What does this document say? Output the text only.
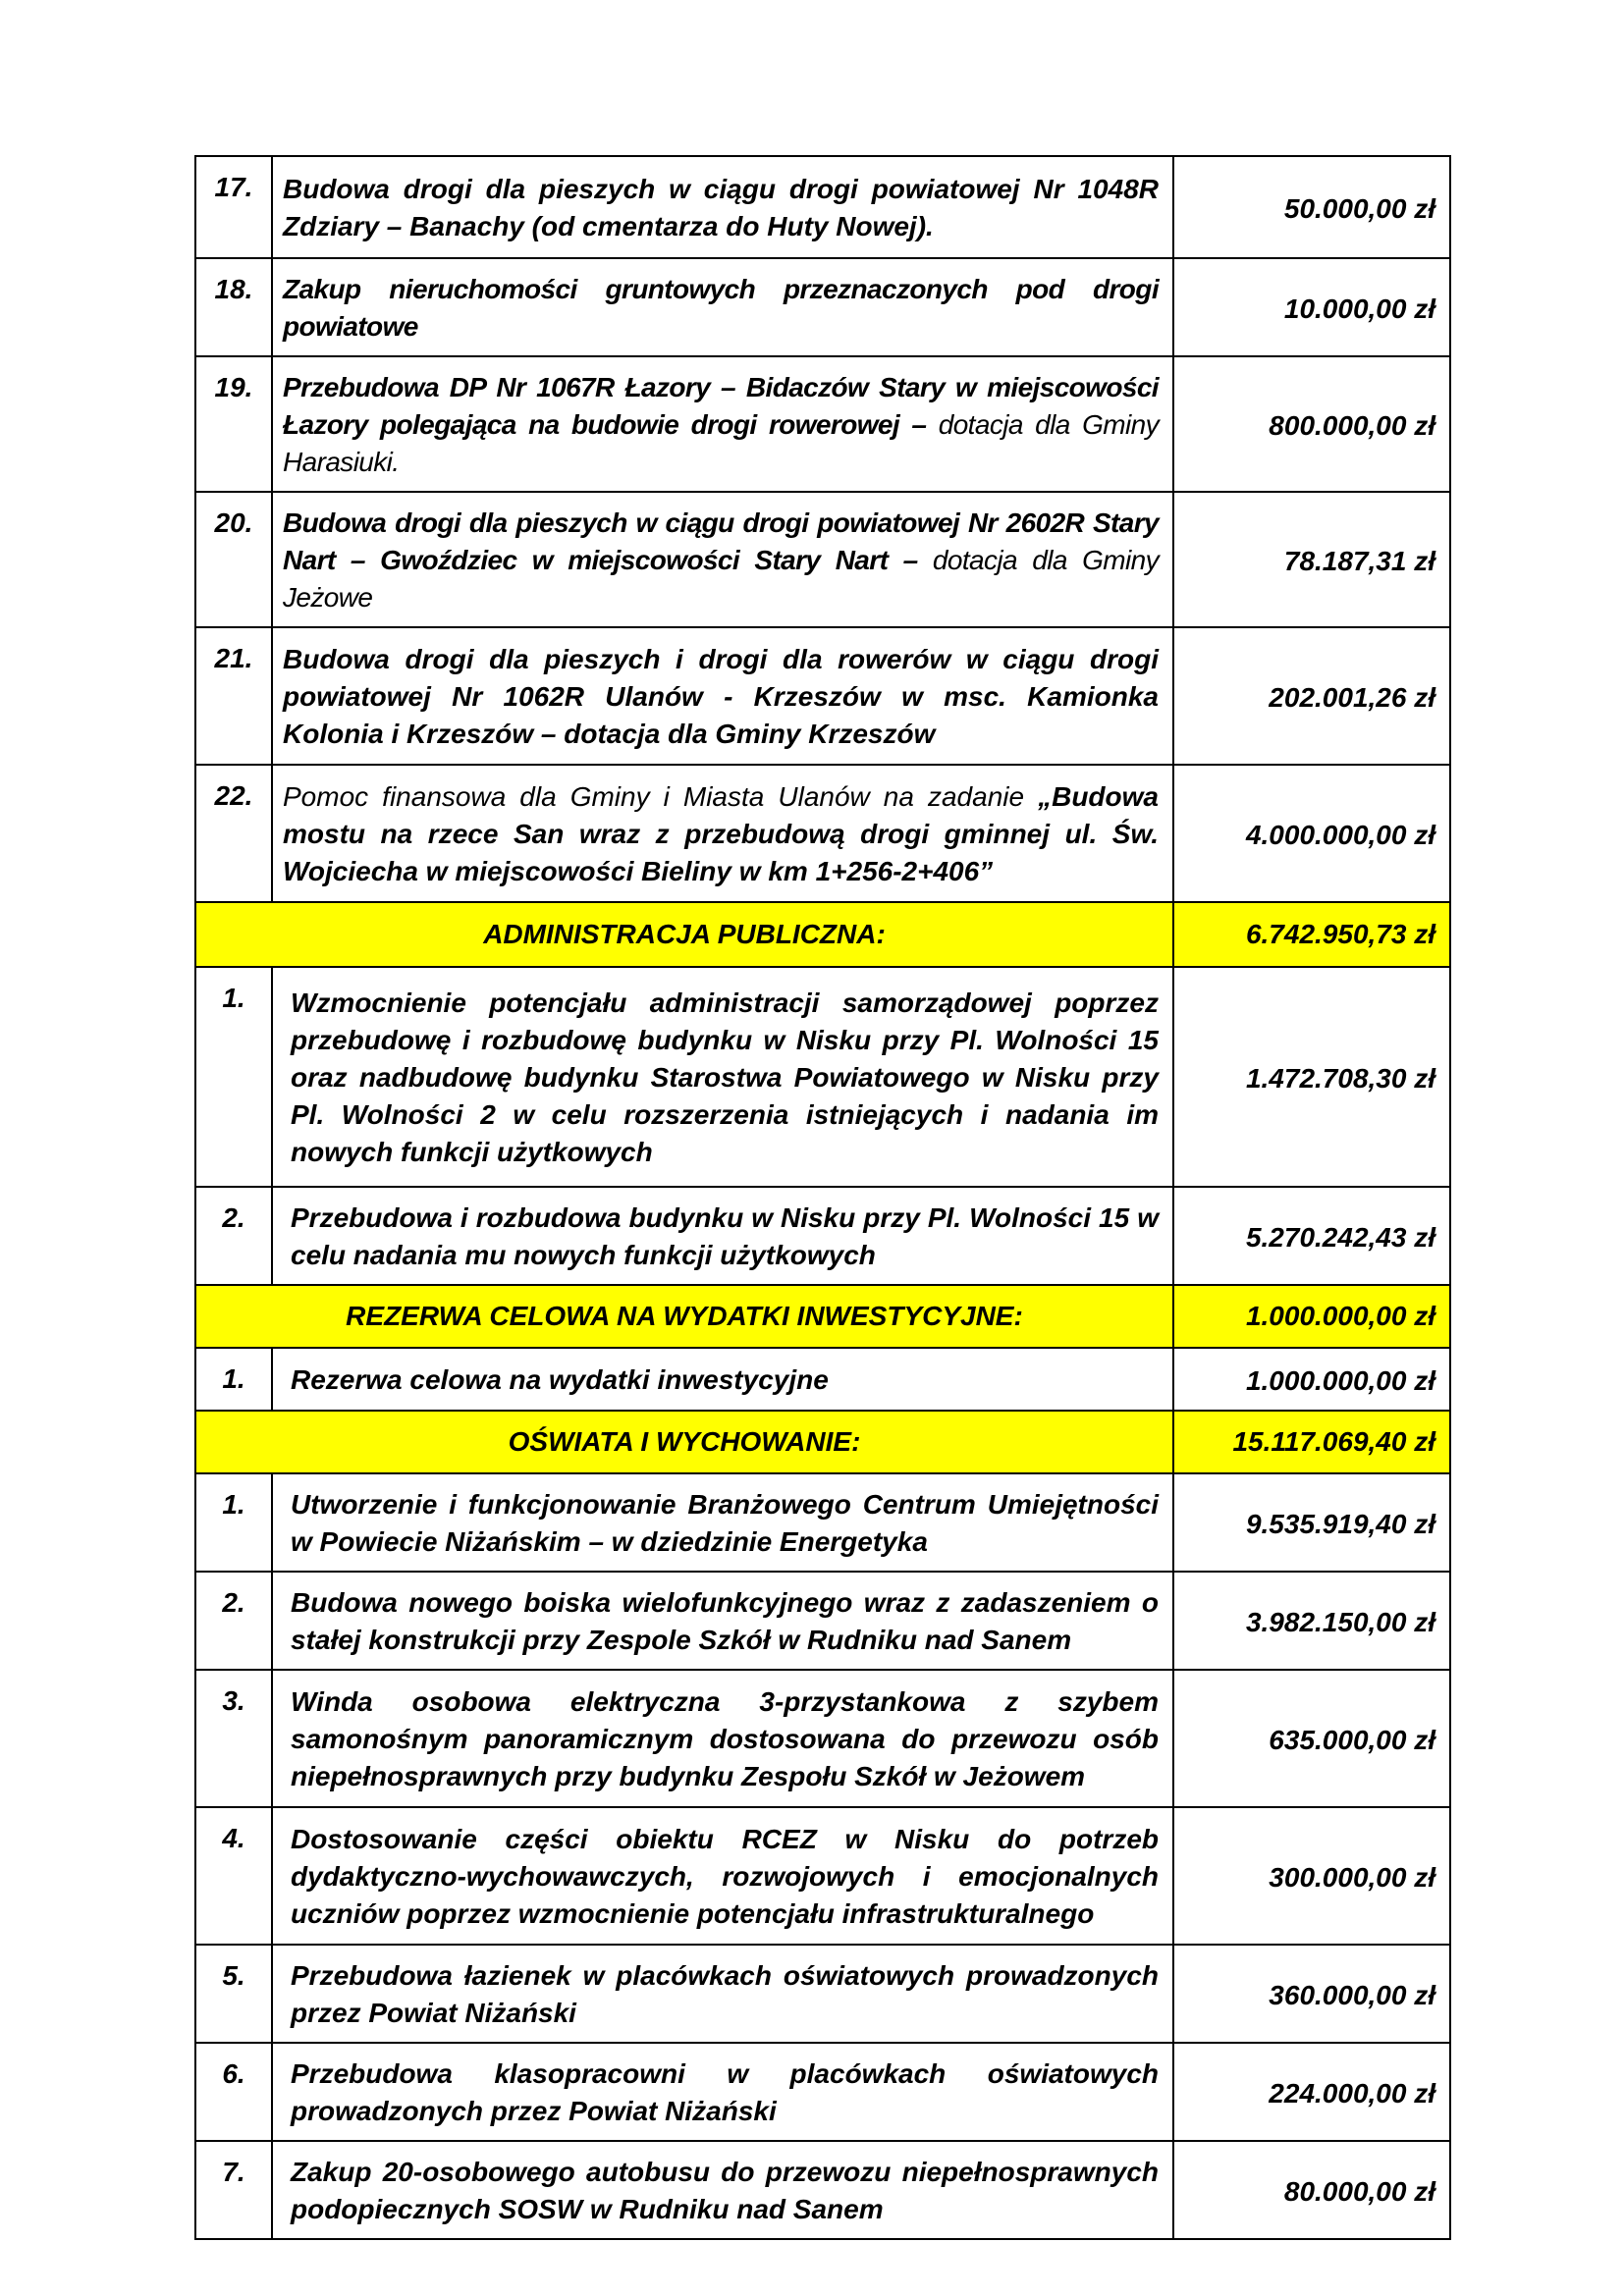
17.	Budowa drogi dla pieszych w ciągu drogi powiatowej Nr 1048R Zdziary – Banachy (od cmentarza do Huty Nowej).	50.000,00 zł
18.	Zakup nieruchomości gruntowych przeznaczonych pod drogi powiatowe	10.000,00 zł
19.	Przebudowa DP Nr 1067R Łazory – Bidaczów Stary w miejscowości Łazory polegająca na budowie drogi rowerowej – dotacja dla Gminy Harasiuki.	800.000,00 zł
20.	Budowa drogi dla pieszych w ciągu drogi powiatowej Nr 2602R Stary Nart – Gwoździec w miejscowości Stary Nart – dotacja dla Gminy Jeżowe	78.187,31 zł
21.	Budowa drogi dla pieszych i drogi dla rowerów w ciągu drogi powiatowej Nr 1062R Ulanów - Krzeszów w msc. Kamionka Kolonia i Krzeszów – dotacja dla Gminy Krzeszów	202.001,26 zł
22.	Pomoc finansowa dla Gminy i Miasta Ulanów na zadanie „Budowa mostu na rzece San wraz z przebudową drogi gminnej ul. Św. Wojciecha w miejscowości Bieliny w km 1+256-2+406”	4.000.000,00 zł
ADMINISTRACJA PUBLICZNA:		6.742.950,73 zł
1.	Wzmocnienie potencjału administracji samorządowej poprzez przebudowę i rozbudowę budynku w Nisku przy Pl. Wolności 15 oraz nadbudowę budynku Starostwa Powiatowego w Nisku przy Pl. Wolności 2 w celu rozszerzenia istniejących i nadania im nowych funkcji użytkowych	1.472.708,30 zł
2.	Przebudowa i rozbudowa budynku w Nisku przy Pl. Wolności 15 w celu nadania mu nowych funkcji użytkowych	5.270.242,43 zł
REZERWA CELOWA NA WYDATKI INWESTYCYJNE:		1.000.000,00 zł
1.	Rezerwa celowa na wydatki inwestycyjne	1.000.000,00 zł
OŚWIATA I WYCHOWANIE:		15.117.069,40 zł
1.	Utworzenie i funkcjonowanie Branżowego Centrum Umiejętności w Powiecie Niżańskim – w dziedzinie Energetyka	9.535.919,40 zł
2.	Budowa nowego boiska wielofunkcyjnego wraz z zadaszeniem o stałej konstrukcji przy Zespole Szkół w Rudniku nad Sanem	3.982.150,00 zł
3.	Winda osobowa elektryczna 3-przystankowa z szybem samonośnym panoramicznym dostosowana do przewozu osób niepełnosprawnych przy budynku Zespołu Szkół w Jeżowem	635.000,00 zł
4.	Dostosowanie części obiektu RCEZ w Nisku do potrzeb dydaktyczno-wychowawczych, rozwojowych i emocjonalnych uczniów poprzez wzmocnienie potencjału infrastrukturalnego	300.000,00 zł
5.	Przebudowa łazienek w placówkach oświatowych prowadzonych przez Powiat Niżański	360.000,00 zł
6.	Przebudowa klasopracowni w placówkach oświatowych prowadzonych przez Powiat Niżański	224.000,00 zł
7.	Zakup 20-osobowego autobusu do przewozu niepełnosprawnych podopiecznych SOSW w Rudniku nad Sanem	80.000,00 zł
